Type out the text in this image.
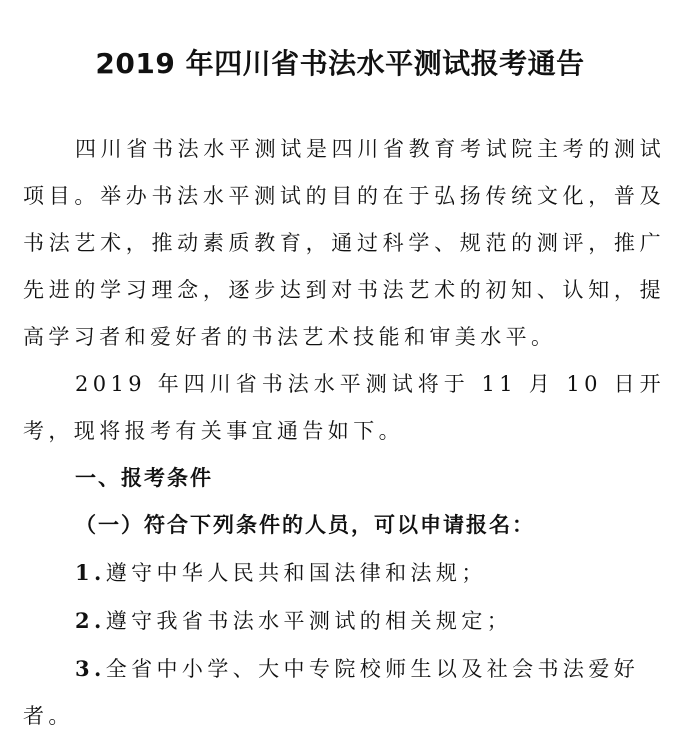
2019 年四川省书法水平测试报考通告

四川省书法水平测试是四川省教育考试院主考的测试项目。举办书法水平测试的目的在于弘扬传统文化，普及书法艺术，推动素质教育，通过科学、规范的测评，推广先进的学习理念，逐步达到对书法艺术的初知、认知，提高学习者和爱好者的书法艺术技能和审美水平。

2019 年四川省书法水平测试将于 11 月 10 日开考，现将报考有关事宜通告如下。

一、报考条件

（一）符合下列条件的人员，可以申请报名：

1.遵守中华人民共和国法律和法规；

2.遵守我省书法水平测试的相关规定；

3.全省中小学、大中专院校师生以及社会书法爱好者。
